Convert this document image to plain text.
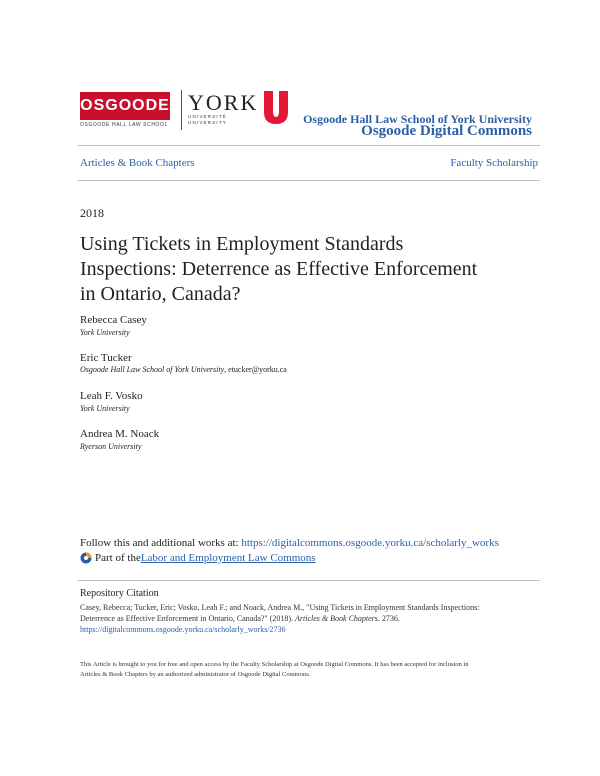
OSGOODE
OSGOODE HALL LAW SCHOOL
YORK
UNIVERSITÉ
UNIVERSITY	Osgoode Hall Law School of York University
Osgoode Digital Commons
Articles & Book Chapters	Faculty Scholarship
2018
Using Tickets in Employment Standards
Inspections: Deterrence as Effective Enforcement
in Ontario, Canada?
Rebecca Casey
York University
Eric Tucker
Osgoode Hall Law School of York University, etucker@yorku.ca
Leah F. Vosko
York University
Andrea M. Noack
Ryerson University
Follow this and additional works at: https://digitalcommons.osgoode.yorku.ca/scholarly_works
Part of the Labor and Employment Law Commons
Repository Citation
Casey, Rebecca; Tucker, Eric; Vosko, Leah F.; and Noack, Andrea M., "Using Tickets in Employment Standards Inspections:
Deterrence as Effective Enforcement in Ontario, Canada?" (2018). Articles & Book Chapters. 2736.
https://digitalcommons.osgoode.yorku.ca/scholarly_works/2736
This Article is brought to you for free and open access by the Faculty Scholarship at Osgoode Digital Commons. It has been accepted for inclusion in
Articles & Book Chapters by an authorized administrator of Osgoode Digital Commons.
